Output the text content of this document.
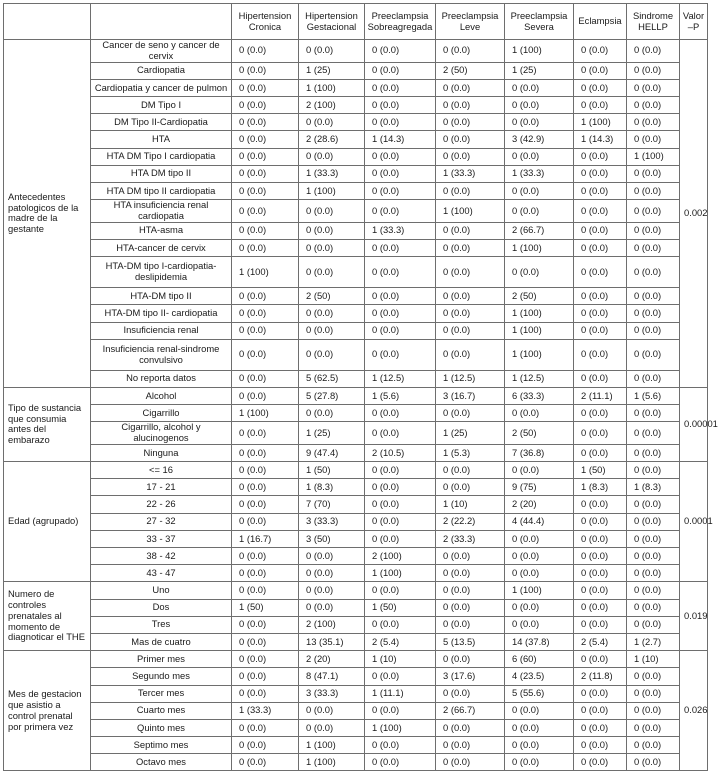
		Hipertension Cronica	Hipertension Gestacional	Preeclampsia Sobreagregada	Preeclampsia Leve	Preeclampsia Severa	Eclampsia	Sindrome HELLP	Valor –P
Antecedentes patologicos de la madre de la gestante	Cancer de seno y cancer de cervix	0 (0.0)	0 (0.0)	0 (0.0)	0 (0.0)	1 (100)	0 (0.0)	0 (0.0)	0.002
	Cardiopatia	0 (0.0)	1 (25)	0 (0.0)	2 (50)	1 (25)	0 (0.0)	0 (0.0)	
	Cardiopatia y cancer de pulmon	0 (0.0)	1 (100)	0 (0.0)	0 (0.0)	0 (0.0)	0 (0.0)	0 (0.0)	
	DM Tipo I	0 (0.0)	2 (100)	0 (0.0)	0 (0.0)	0 (0.0)	0 (0.0)	0 (0.0)	
	DM Tipo II-Cardiopatia	0 (0.0)	0 (0.0)	0 (0.0)	0 (0.0)	0 (0.0)	1 (100)	0 (0.0)	
	HTA	0 (0.0)	2 (28.6)	1 (14.3)	0 (0.0)	3 (42.9)	1 (14.3)	0 (0.0)	
	HTA DM Tipo I cardiopatia	0 (0.0)	0 (0.0)	0 (0.0)	0 (0.0)	0 (0.0)	0 (0.0)	1 (100)	
	HTA DM tipo II	0 (0.0)	1 (33.3)	0 (0.0)	1 (33.3)	1 (33.3)	0 (0.0)	0 (0.0)	
	HTA DM tipo II cardiopatia	0 (0.0)	1 (100)	0 (0.0)	0 (0.0)	0 (0.0)	0 (0.0)	0 (0.0)	
	HTA insuficiencia renal cardiopatia	0 (0.0)	0 (0.0)	0 (0.0)	1 (100)	0 (0.0)	0 (0.0)	0 (0.0)	
	HTA-asma	0 (0.0)	0 (0.0)	1 (33.3)	0 (0.0)	2 (66.7)	0 (0.0)	0 (0.0)	
	HTA-cancer de cervix	0 (0.0)	0 (0.0)	0 (0.0)	0 (0.0)	1 (100)	0 (0.0)	0 (0.0)	
	HTA-DM tipo I-cardiopatia-deslipidemia	1 (100)	0 (0.0)	0 (0.0)	0 (0.0)	0 (0.0)	0 (0.0)	0 (0.0)	
	HTA-DM tipo II	0 (0.0)	2 (50)	0 (0.0)	0 (0.0)	2 (50)	0 (0.0)	0 (0.0)	
	HTA-DM tipo II- cardiopatia	0 (0.0)	0 (0.0)	0 (0.0)	0 (0.0)	1 (100)	0 (0.0)	0 (0.0)	
	Insuficiencia renal	0 (0.0)	0 (0.0)	0 (0.0)	0 (0.0)	1 (100)	0 (0.0)	0 (0.0)	
	Insuficiencia renal-sindrome convulsivo	0 (0.0)	0 (0.0)	0 (0.0)	0 (0.0)	1 (100)	0 (0.0)	0 (0.0)	
	No reporta datos	0 (0.0)	5 (62.5)	1 (12.5)	1 (12.5)	1 (12.5)	0 (0.0)	0 (0.0)	
Tipo de sustancia que consumia antes del embarazo	Alcohol	0 (0.0)	5 (27.8)	1 (5.6)	3 (16.7)	6 (33.3)	2 (11.1)	1 (5.6)	0.00001
	Cigarrillo	1 (100)	0 (0.0)	0 (0.0)	0 (0.0)	0 (0.0)	0 (0.0)	0 (0.0)	
	Cigarrillo, alcohol y alucinogenos	0 (0.0)	1 (25)	0 (0.0)	1 (25)	2 (50)	0 (0.0)	0 (0.0)	
	Ninguna	0 (0.0)	9 (47.4)	2 (10.5)	1 (5.3)	7 (36.8)	0 (0.0)	0 (0.0)	
Edad (agrupado)	<= 16	0 (0.0)	1 (50)	0 (0.0)	0 (0.0)	0 (0.0)	1 (50)	0 (0.0)	0.0001
	17 - 21	0 (0.0)	1 (8.3)	0 (0.0)	0 (0.0)	9 (75)	1 (8.3)	1 (8.3)	
	22 - 26	0 (0.0)	7 (70)	0 (0.0)	1 (10)	2 (20)	0 (0.0)	0 (0.0)	
	27 - 32	0 (0.0)	3 (33.3)	0 (0.0)	2 (22.2)	4 (44.4)	0 (0.0)	0 (0.0)	
	33 - 37	1 (16.7)	3 (50)	0 (0.0)	2 (33.3)	0 (0.0)	0 (0.0)	0 (0.0)	
	38 - 42	0 (0.0)	0 (0.0)	2 (100)	0 (0.0)	0 (0.0)	0 (0.0)	0 (0.0)	
	43 - 47	0 (0.0)	0 (0.0)	1 (100)	0 (0.0)	0 (0.0)	0 (0.0)	0 (0.0)	
Numero de controles prenatales al momento de diagnoticar el THE	Uno	0 (0.0)	0 (0.0)	0 (0.0)	0 (0.0)	1 (100)	0 (0.0)	0 (0.0)	0.019
	Dos	1 (50)	0 (0.0)	1 (50)	0 (0.0)	0 (0.0)	0 (0.0)	0 (0.0)	
	Tres	0 (0.0)	2 (100)	0 (0.0)	0 (0.0)	0 (0.0)	0 (0.0)	0 (0.0)	
	Mas de cuatro	0 (0.0)	13 (35.1)	2 (5.4)	5 (13.5)	14 (37.8)	2 (5.4)	1 (2.7)	
Mes de gestacion que asistio a control prenatal por primera vez	Primer mes	0 (0.0)	2 (20)	1 (10)	0 (0.0)	6 (60)	0 (0.0)	1 (10)	0.026
	Segundo mes	0 (0.0)	8 (47.1)	0 (0.0)	3 (17.6)	4 (23.5)	2 (11.8)	0 (0.0)	
	Tercer mes	0 (0.0)	3 (33.3)	1 (11.1)	0 (0.0)	5 (55.6)	0 (0.0)	0 (0.0)	
	Cuarto mes	1 (33.3)	0 (0.0)	0 (0.0)	2 (66.7)	0 (0.0)	0 (0.0)	0 (0.0)	
	Quinto mes	0 (0.0)	0 (0.0)	1 (100)	0 (0.0)	0 (0.0)	0 (0.0)	0 (0.0)	
	Septimo mes	0 (0.0)	1 (100)	0 (0.0)	0 (0.0)	0 (0.0)	0 (0.0)	0 (0.0)	
	Octavo mes	0 (0.0)	1 (100)	0 (0.0)	0 (0.0)	0 (0.0)	0 (0.0)	0 (0.0)	
